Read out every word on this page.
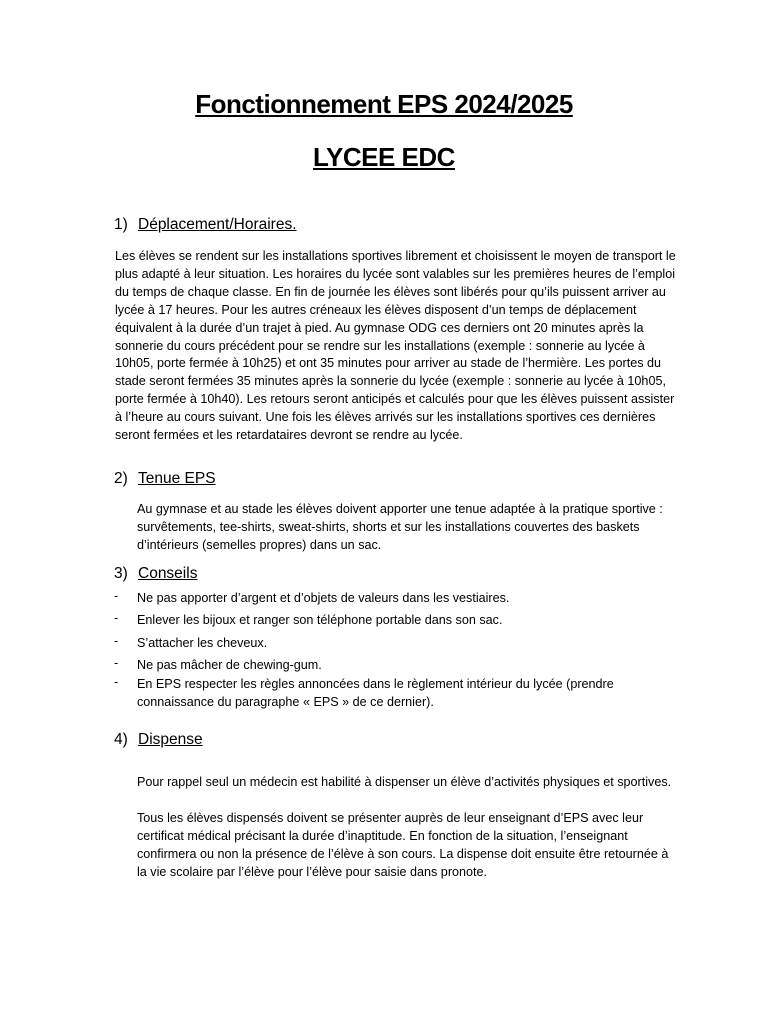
Fonctionnement EPS 2024/2025
LYCEE EDC
1) Déplacement/Horaires.

Les élèves se rendent sur les installations sportives librement et choisissent le moyen de transport le plus adapté à leur situation. Les horaires du lycée sont valables sur les premières heures de l’emploi du temps de chaque classe. En fin de journée les élèves sont libérés pour qu’ils puissent arriver au lycée à 17 heures. Pour les autres créneaux les élèves disposent d’un temps de déplacement équivalent à la durée d’un trajet à pied. Au gymnase ODG ces derniers ont 20 minutes après la sonnerie du cours précédent pour se rendre sur les installations (exemple : sonnerie au lycée à 10h05, porte fermée à 10h25) et ont 35 minutes pour arriver au stade de l’hermière. Les portes du stade seront fermées 35 minutes après la sonnerie du lycée (exemple : sonnerie au lycée à 10h05, porte fermée à 10h40). Les retours seront anticipés et calculés pour que les élèves puissent assister à l’heure au cours suivant. Une fois les élèves arrivés sur les installations sportives ces dernières seront fermées et les retardataires devront se rendre au lycée.

2) Tenue EPS

Au gymnase et au stade les élèves doivent apporter une tenue adaptée à la pratique sportive : survêtements, tee-shirts, sweat-shirts, shorts et sur les installations couvertes des baskets d’intérieurs (semelles propres) dans un sac.

3) Conseils
-	Ne pas apporter d’argent et d’objets de valeurs dans les vestiaires.
-	Enlever les bijoux et ranger son téléphone portable dans son sac.
-	S’attacher les cheveux.
-	Ne pas mâcher de chewing-gum.
-	En EPS respecter les règles annoncées dans le règlement intérieur du lycée (prendre connaissance du paragraphe « EPS » de ce dernier).
4) Dispense

Pour rappel seul un médecin est habilité à dispenser un élève d’activités physiques et sportives.

Tous les élèves dispensés doivent se présenter auprès de leur enseignant d’EPS avec leur certificat médical précisant la durée d’inaptitude. En fonction de la situation, l’enseignant confirmera ou non la présence de l’élève à son cours. La dispense doit ensuite être retournée à la vie scolaire par l’élève pour l’élève pour saisie dans pronote.
